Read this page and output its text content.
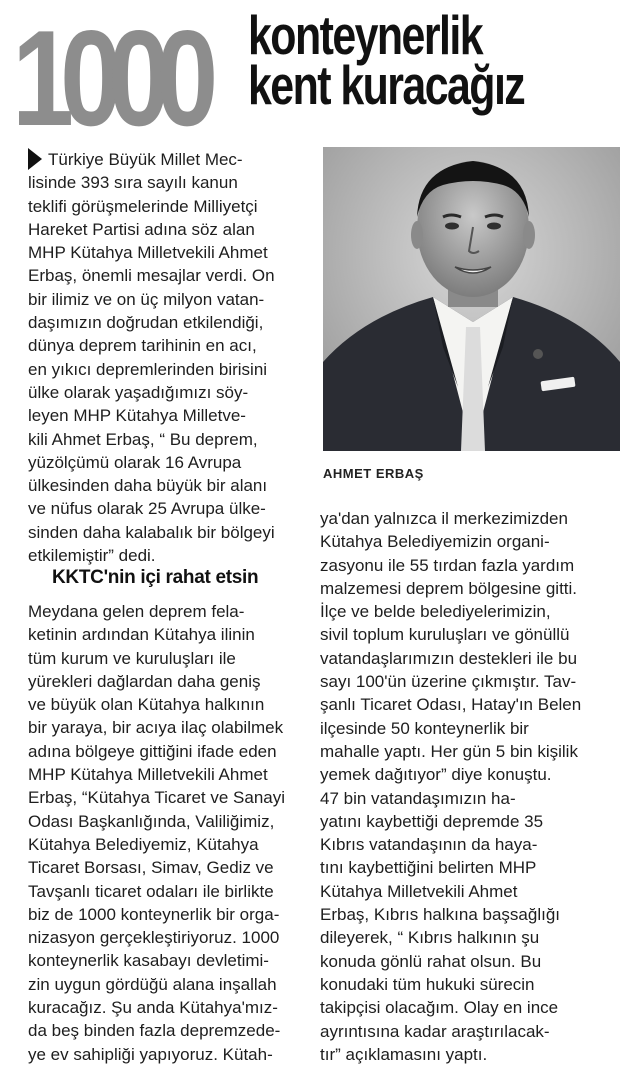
1000 konteynerlik
kent kuracağız

Türkiye Büyük Millet Mec-
lisinde 393 sıra sayılı kanun
teklifi görüşmelerinde Milliyetçi
Hareket Partisi adına söz alan
MHP Kütahya Milletvekili Ahmet
Erbaş, önemli mesajlar verdi. On
bir ilimiz ve on üç milyon vatan-
daşımızın doğrudan etkilendiği,
dünya deprem tarihinin en acı,
en yıkıcı depremlerinden birisini
ülke olarak yaşadığımızı söy-
leyen MHP Kütahya Milletve-
kili Ahmet Erbaş, “ Bu deprem,
yüzölçümü olarak 16 Avrupa
ülkesinden daha büyük bir alanı
ve nüfus olarak 25 Avrupa ülke-
sinden daha kalabalık bir bölgeyi
etkilemiştir” dedi.

KKTC'nin içi rahat etsin

Meydana gelen deprem fela-
ketinin ardından Kütahya ilinin
tüm kurum ve kuruluşları ile
yürekleri dağlardan daha geniş
ve büyük olan Kütahya halkının
bir yaraya, bir acıya ilaç olabilmek
adına bölgeye gittiğini ifade eden
MHP Kütahya Milletvekili Ahmet
Erbaş, “Kütahya Ticaret ve Sanayi
Odası Başkanlığında, Valiliğimiz,
Kütahya Belediyemiz, Kütahya
Ticaret Borsası, Simav, Gediz ve
Tavşanlı ticaret odaları ile birlikte
biz de 1000 konteynerlik bir orga-
nizasyon gerçekleştiriyoruz. 1000
konteynerlik kasabayı devletimi-
zin uygun gördüğü alana inşallah
kuracağız. Şu anda Kütahya'mız-
da beş binden fazla depremzede-
ye ev sahipliği yapıyoruz. Kütah-

AHMET ERBAŞ

ya'dan yalnızca il merkezimizden
Kütahya Belediyemizin organi-
zasyonu ile 55 tırdan fazla yardım
malzemesi deprem bölgesine gitti.
İlçe ve belde belediyelerimizin,
sivil toplum kuruluşları ve gönüllü
vatandaşlarımızın destekleri ile bu
sayı 100'ün üzerine çıkmıştır. Tav-
şanlı Ticaret Odası, Hatay'ın Belen
ilçesinde 50 konteynerlik bir
mahalle yaptı. Her gün 5 bin kişilik
yemek dağıtıyor” diye konuştu.
47 bin vatandaşımızın ha-
yatını kaybettiği depremde 35
Kıbrıs vatandaşının da haya-
tını kaybettiğini belirten MHP
Kütahya Milletvekili Ahmet
Erbaş, Kıbrıs halkına başsağlığı
dileyerek, “ Kıbrıs halkının şu
konuda gönlü rahat olsun. Bu
konudaki tüm hukuki sürecin
takipçisi olacağım. Olay en ince
ayrıntısına kadar araştırılacak-
tır” açıklamasını yaptı.
